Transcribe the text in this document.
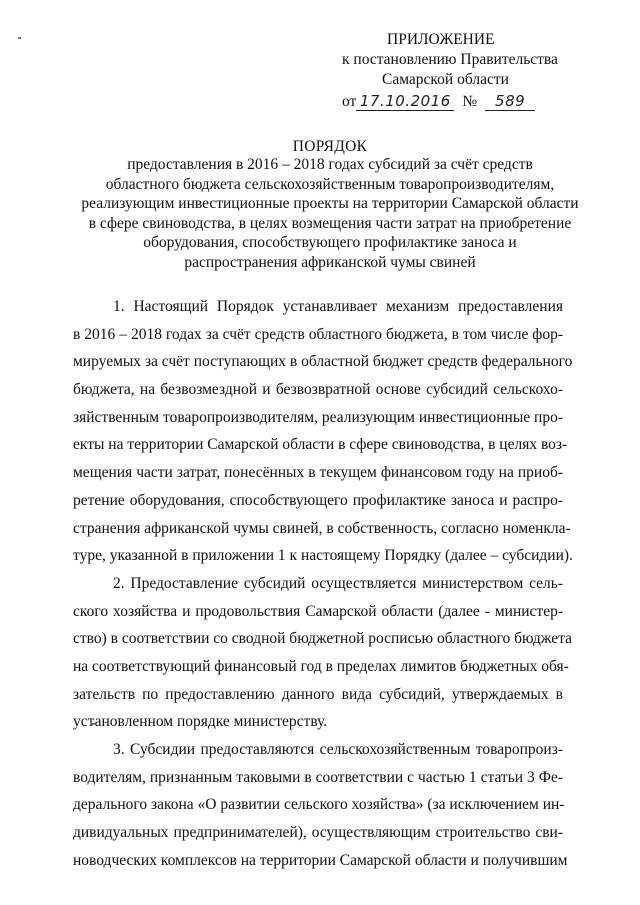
ПРИЛОЖЕНИЕ
к постановлению Правительства
Самарской области
от 17.10.2016 № 589
ПОРЯДОК
предоставления в 2016 – 2018 годах субсидий за счёт средств
областного бюджета сельскохозяйственным товаропроизводителям,
реализующим инвестиционные проекты на территории Самарской области
в сфере свиноводства, в целях возмещения части затрат на приобретение
оборудования, способствующего профилактике заноса и
распространения африканской чумы свиней
1. Настоящий Порядок устанавливает механизм предоставления
в 2016 – 2018 годах за счёт средств областного бюджета, в том числе фор-
мируемых за счёт поступающих в областной бюджет средств федерального
бюджета, на безвозмездной и безвозвратной основе субсидий сельскохо-
зяйственным товаропроизводителям, реализующим инвестиционные про-
екты на территории Самарской области в сфере свиноводства, в целях воз-
мещения части затрат, понесённых в текущем финансовом году на приоб-
ретение оборудования, способствующего профилактике заноса и распро-
странения африканской чумы свиней, в собственность, согласно номенкла-
туре, указанной в приложении 1 к настоящему Порядку (далее – субсидии).
2. Предоставление субсидий осуществляется министерством сель-
ского хозяйства и продовольствия Самарской области (далее - министер-
ство) в соответствии со сводной бюджетной росписью областного бюджета
на соответствующий финансовый год в пределах лимитов бюджетных обя-
зательств по предоставлению данного вида субсидий, утверждаемых в
установленном порядке министерству.
3. Субсидии предоставляются сельскохозяйственным товаропроиз-
водителям, признанным таковыми в соответствии с частью 1 статьи 3 Фе-
дерального закона «О развитии сельского хозяйства» (за исключением ин-
дивидуальных предпринимателей), осуществляющим строительство сви-
новодческих комплексов на территории Самарской области и получившим
